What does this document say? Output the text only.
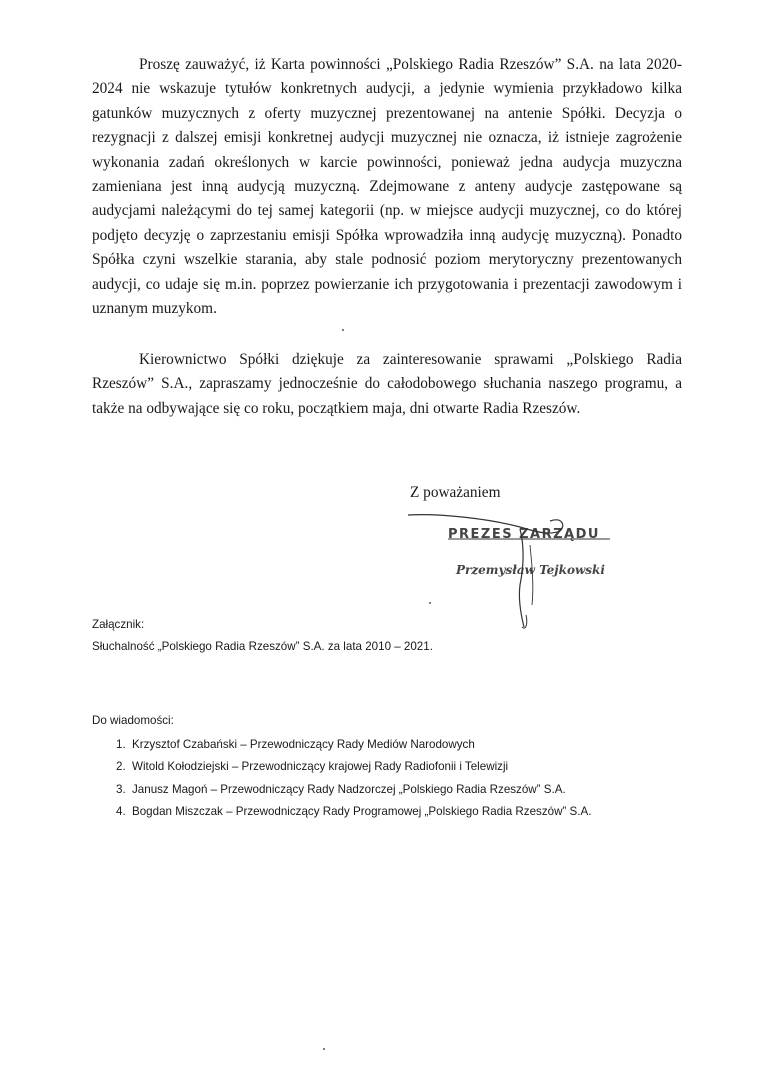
Proszę zauważyć, iż Karta powinności „Polskiego Radia Rzeszów” S.A. na lata 2020-2024 nie wskazuje tytułów konkretnych audycji, a jedynie wymienia przykładowo kilka gatunków muzycznych z oferty muzycznej prezentowanej na antenie Spółki. Decyzja o rezygnacji z dalszej emisji konkretnej audycji muzycznej nie oznacza, iż istnieje zagrożenie wykonania zadań określonych w karcie powinności, ponieważ jedna audycja muzyczna zamieniana jest inną audycją muzyczną. Zdejmowane z anteny audycje zastępowane są audycjami należącymi do tej samej kategorii (np. w miejsce audycji muzycznej, co do której podjęto decyzję o zaprzestaniu emisji Spółka wprowadziła inną audycję muzyczną). Ponadto Spółka czyni wszelkie starania, aby stale podnosić poziom merytoryczny prezentowanych audycji, co udaje się m.in. poprzez powierzanie ich przygotowania i prezentacji zawodowym i uznanym muzykom.

Kierownictwo Spółki dziękuje za zainteresowanie sprawami „Polskiego Radia Rzeszów” S.A., zapraszamy jednocześnie do całodobowego słuchania naszego programu, a także na odbywające się co roku, początkiem maja, dni otwarte Radia Rzeszów.

Z poważaniem

PREZES ZARZĄDU
Przemysław Tejkowski
Załącznik:
Słuchalność „Polskiego Radia Rzeszów” S.A. za lata 2010 – 2021.
Do wiadomości:
1. Krzysztof Czabański – Przewodniczący Rady Mediów Narodowych
2. Witold Kołodziejski – Przewodniczący krajowej Rady Radiofonii i Telewizji
3. Janusz Magoń – Przewodniczący Rady Nadzorczej „Polskiego Radia Rzeszów” S.A.
4. Bogdan Miszczak – Przewodniczący Rady Programowej „Polskiego Radia Rzeszów” S.A.
